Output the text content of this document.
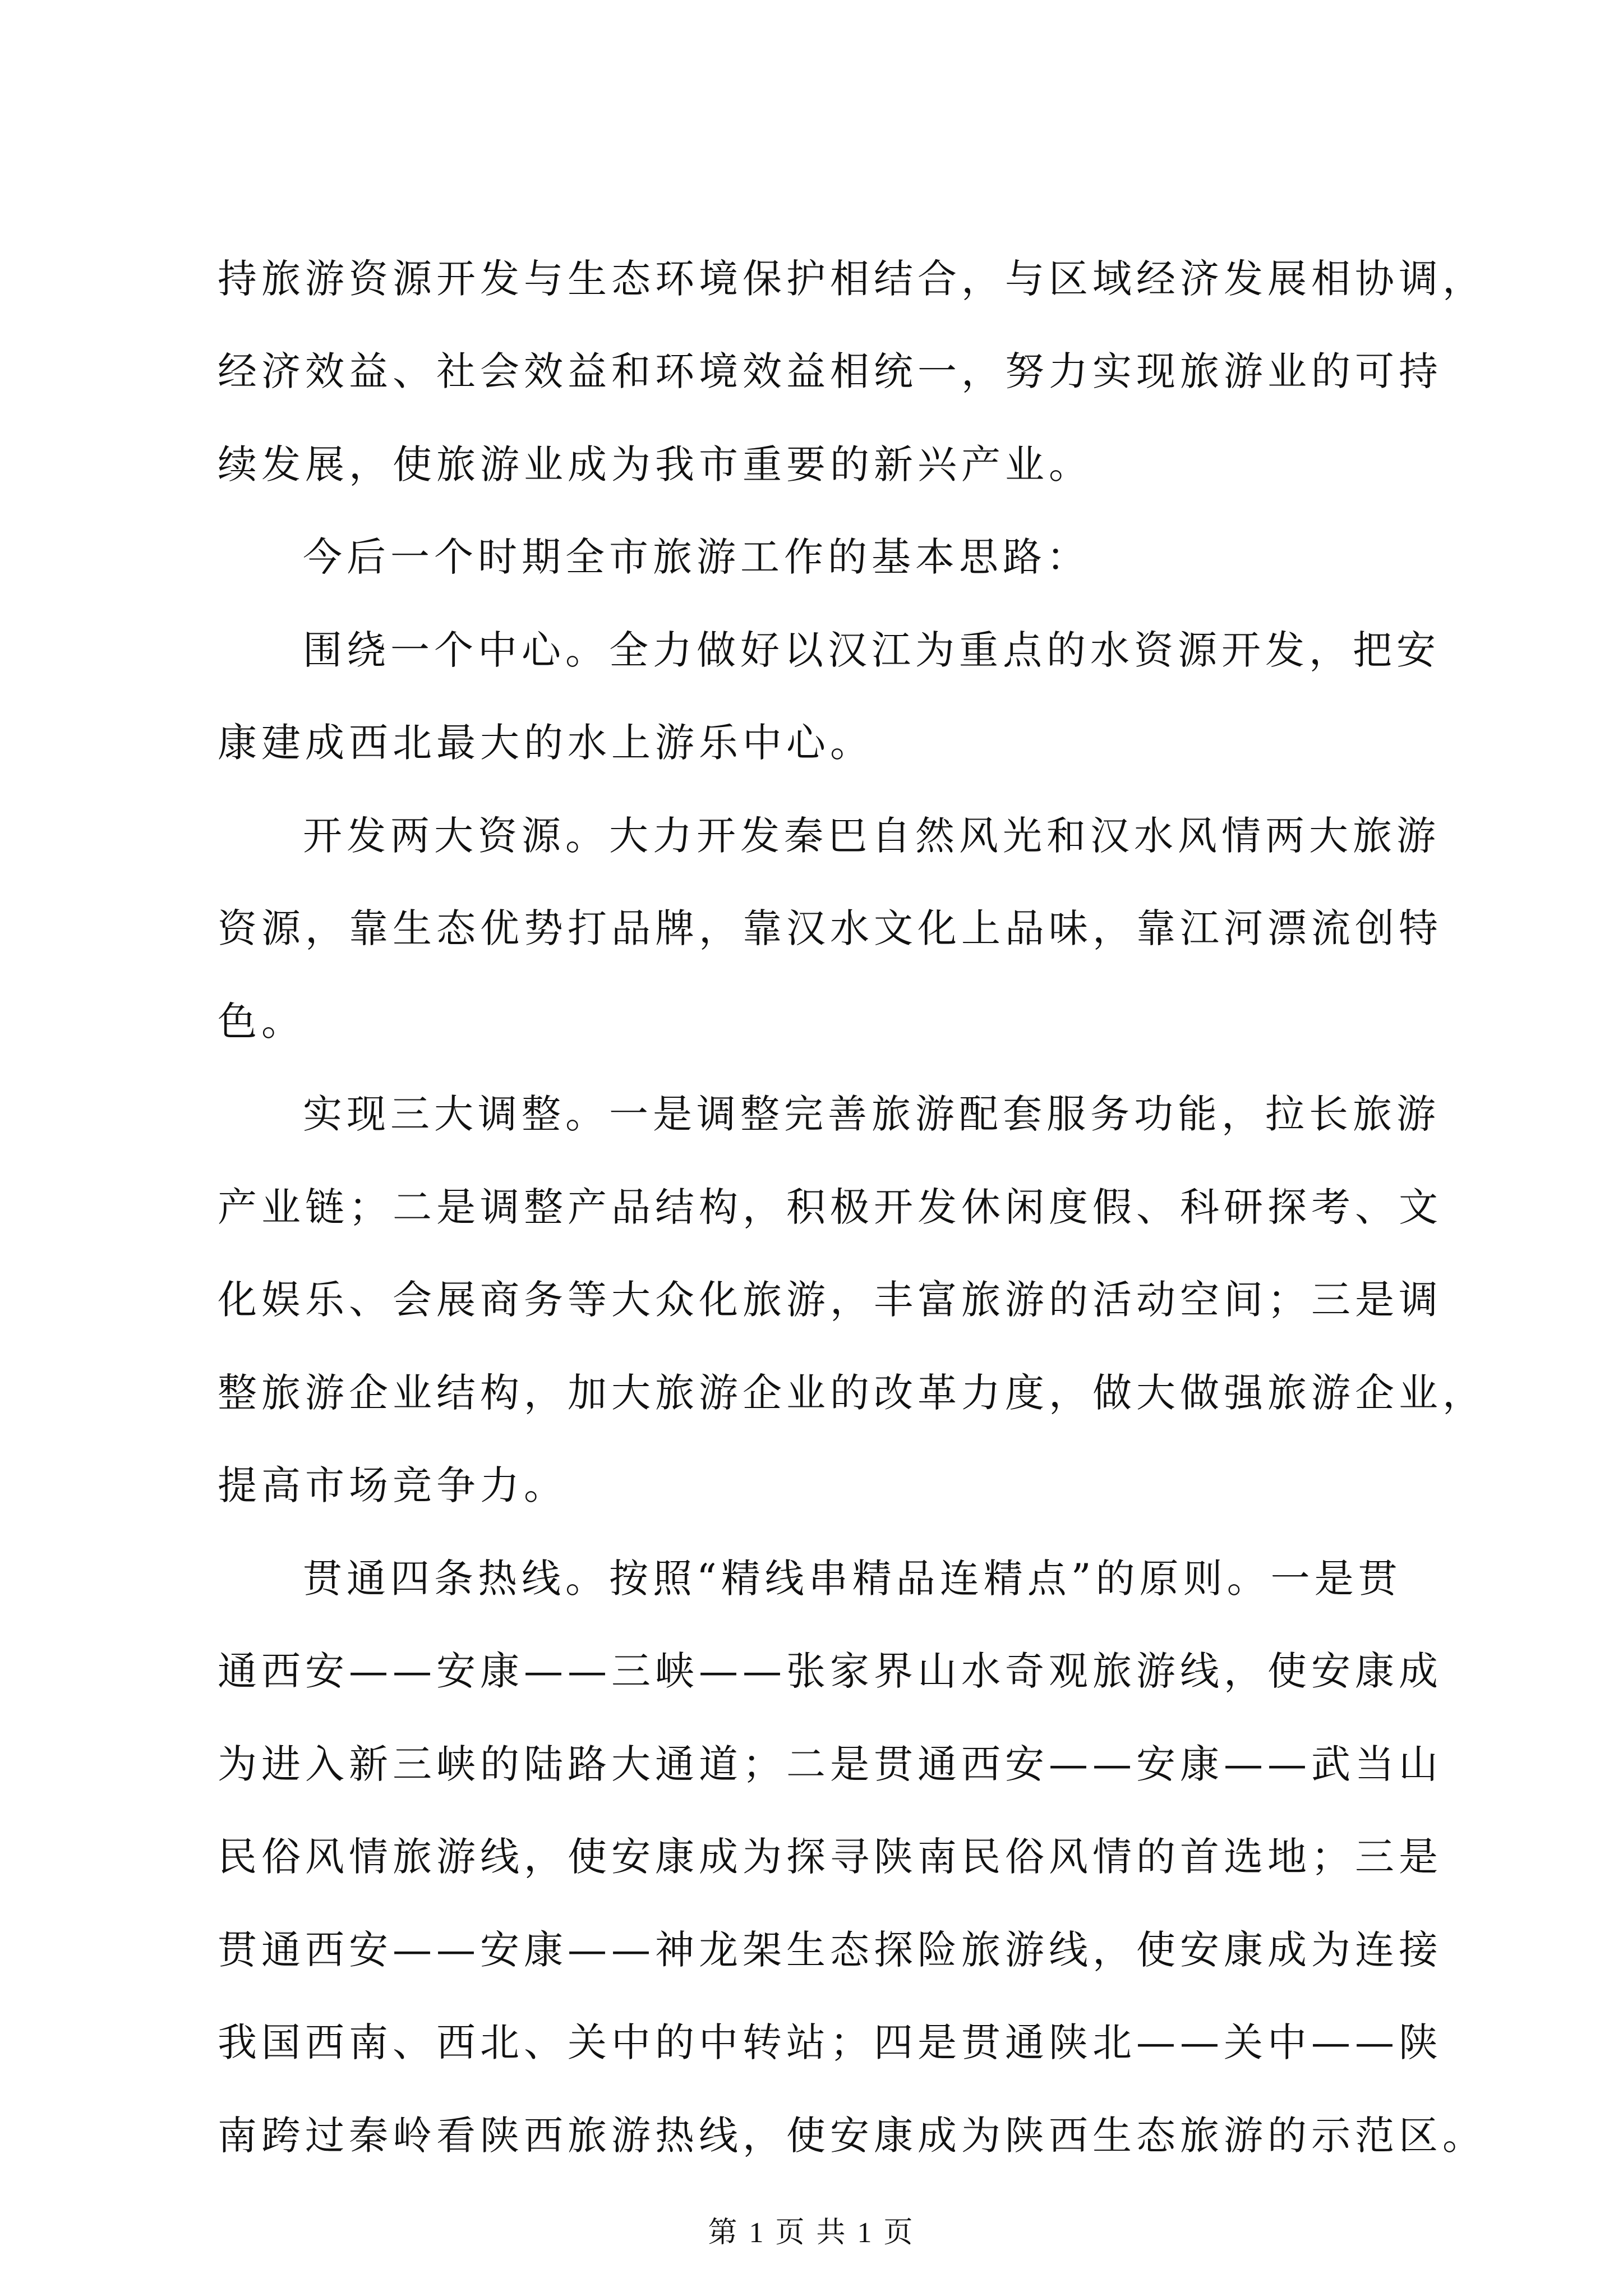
持旅游资源开发与生态环境保护相结合，与区域经济发展相协调，
经济效益、社会效益和环境效益相统一，努力实现旅游业的可持
续发展，使旅游业成为我市重要的新兴产业。
今后一个时期全市旅游工作的基本思路：
围绕一个中心。全力做好以汉江为重点的水资源开发，把安
康建成西北最大的水上游乐中心。
开发两大资源。大力开发秦巴自然风光和汉水风情两大旅游
资源，靠生态优势打品牌，靠汉水文化上品味，靠江河漂流创特
色。
实现三大调整。一是调整完善旅游配套服务功能，拉长旅游
产业链；二是调整产品结构，积极开发休闲度假、科研探考、文
化娱乐、会展商务等大众化旅游，丰富旅游的活动空间；三是调
整旅游企业结构，加大旅游企业的改革力度，做大做强旅游企业，
提高市场竞争力。
贯通四条热线。按照“精线串精品连精点”的原则。一是贯
通西安——安康——三峡——张家界山水奇观旅游线，使安康成
为进入新三峡的陆路大通道；二是贯通西安——安康——武当山
民俗风情旅游线，使安康成为探寻陕南民俗风情的首选地；三是
贯通西安——安康——神龙架生态探险旅游线，使安康成为连接
我国西南、西北、关中的中转站；四是贯通陕北——关中——陕
南跨过秦岭看陕西旅游热线，使安康成为陕西生态旅游的示范区。
第 1 页 共 1 页
